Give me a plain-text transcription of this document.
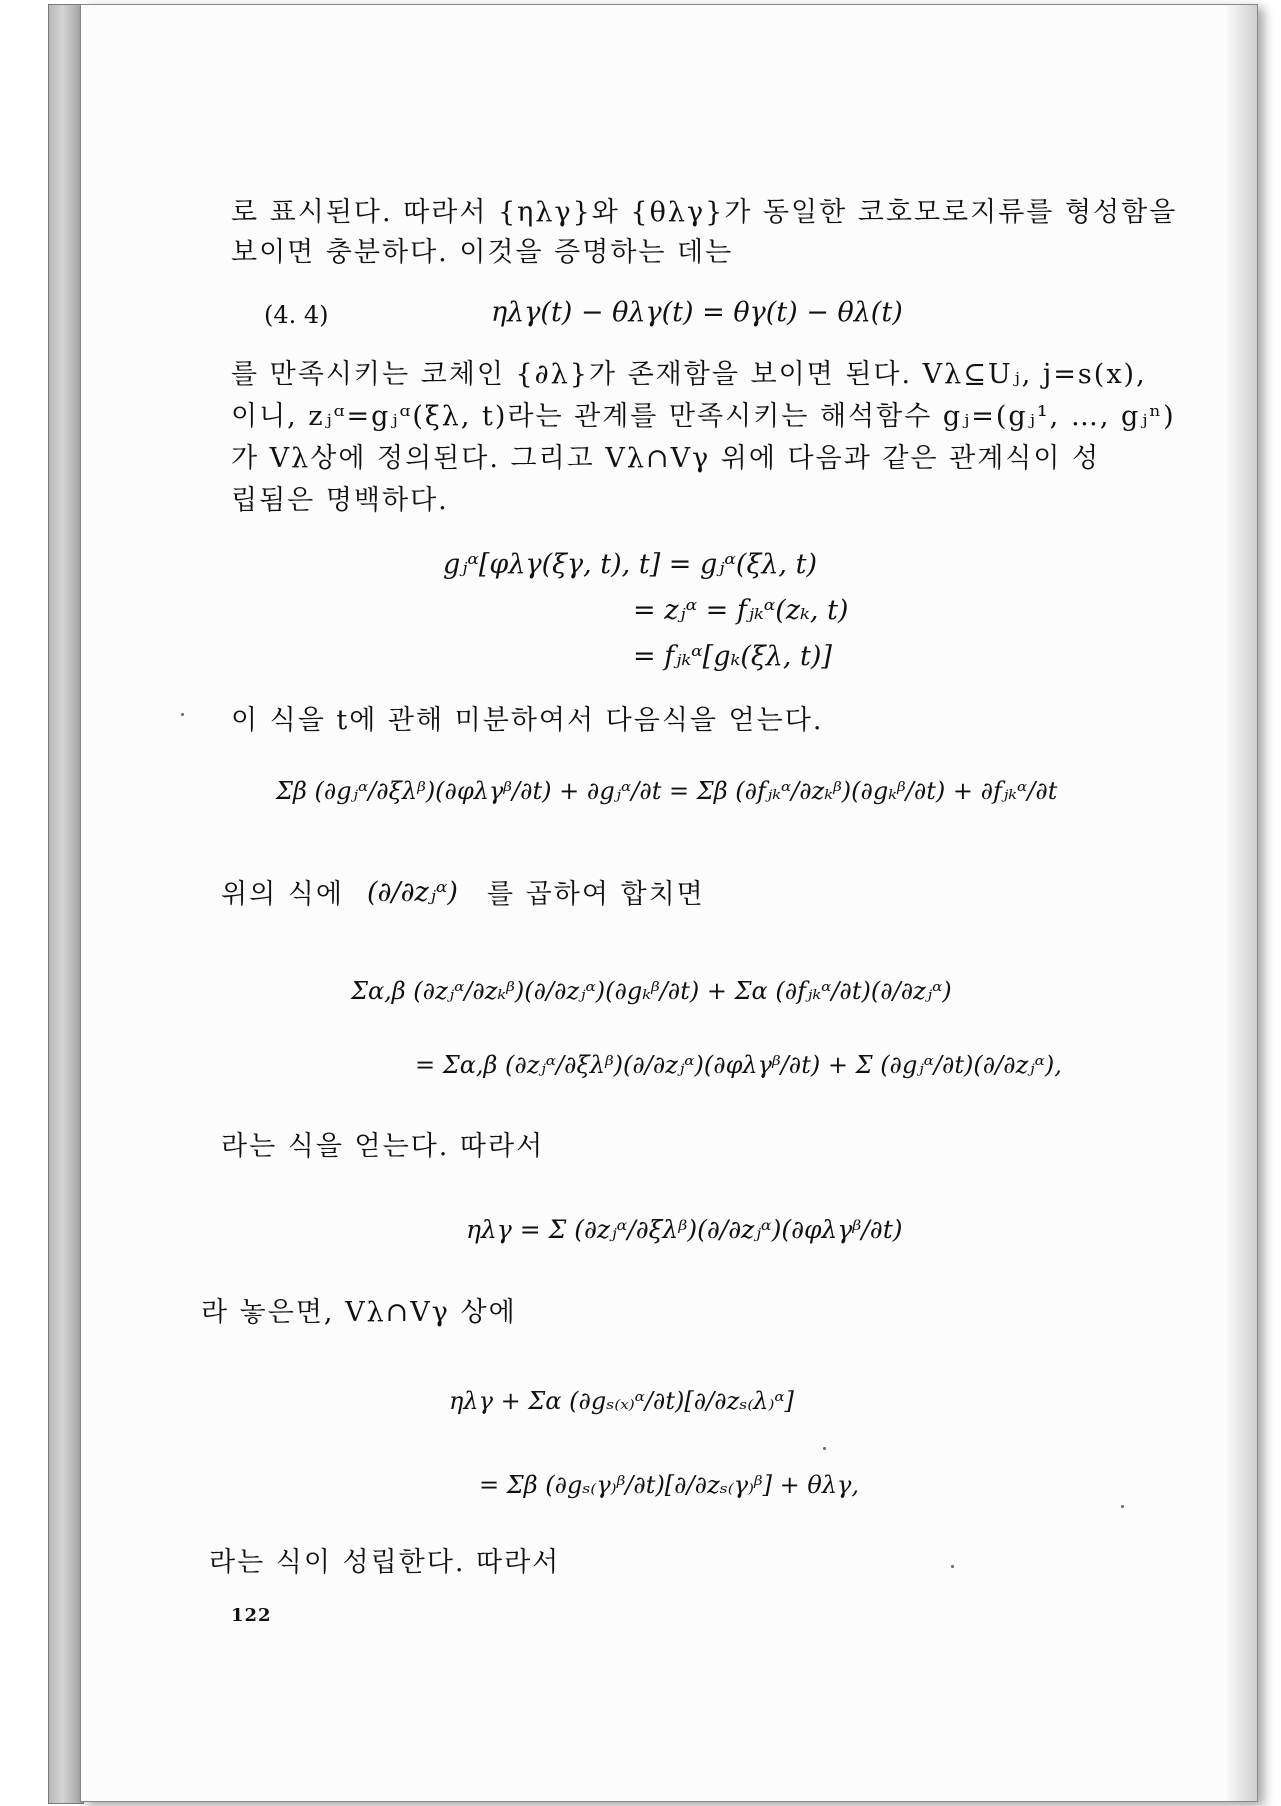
로 표시된다. 따라서 {ηλγ}와 {θλγ}가 동일한 코호모로지류를 형성함을
보이면 충분하다. 이것을 증명하는 데는
(4. 4)	ηλγ(t) − θλγ(t) = θγ(t) − θλ(t)
를 만족시키는 코체인 {∂λ}가 존재함을 보이면 된다. Vλ⊆Uⱼ, j=s(x),
이니, zⱼᵅ=gⱼᵅ(ξλ, t)라는 관계를 만족시키는 해석함수 gⱼ=(gⱼ¹, …, gⱼⁿ)
가 Vλ상에 정의된다. 그리고 Vλ∩Vγ 위에 다음과 같은 관계식이 성
립됨은 명백하다.
gⱼᵅ[φλγ(ξγ, t), t] = gⱼᵅ(ξλ, t)
= zⱼᵅ = fⱼₖᵅ(zₖ, t)
= fⱼₖᵅ[gₖ(ξλ, t)]
이 식을 t에 관해 미분하여서 다음식을 얻는다.
Σβ (∂gⱼᵅ/∂ξλᵝ)(∂φλγᵝ/∂t) + ∂gⱼᵅ/∂t = Σβ (∂fⱼₖᵅ/∂zₖᵝ)(∂gₖᵝ/∂t) + ∂fⱼₖᵅ/∂t
위의 식에 (∂/∂zⱼᵅ) 를 곱하여 합치면
Σα,β (∂zⱼᵅ/∂zₖᵝ)(∂/∂zⱼᵅ)(∂gₖᵝ/∂t) + Σα (∂fⱼₖᵅ/∂t)(∂/∂zⱼᵅ)
= Σα,β (∂zⱼᵅ/∂ξλᵝ)(∂/∂zⱼᵅ)(∂φλγᵝ/∂t) + Σ (∂gⱼᵅ/∂t)(∂/∂zⱼᵅ),
라는 식을 얻는다. 따라서
ηλγ = Σ (∂zⱼᵅ/∂ξλᵝ)(∂/∂zⱼᵅ)(∂φλγᵝ/∂t)
라 놓은면, Vλ∩Vγ 상에
ηλγ + Σα (∂gₛ₍ₓ₎ᵅ/∂t)[∂/∂zₛ₍λ₎ᵅ]
= Σβ (∂gₛ₍γ₎ᵝ/∂t)[∂/∂zₛ₍γ₎ᵝ] + θλγ,
라는 식이 성립한다. 따라서
122
